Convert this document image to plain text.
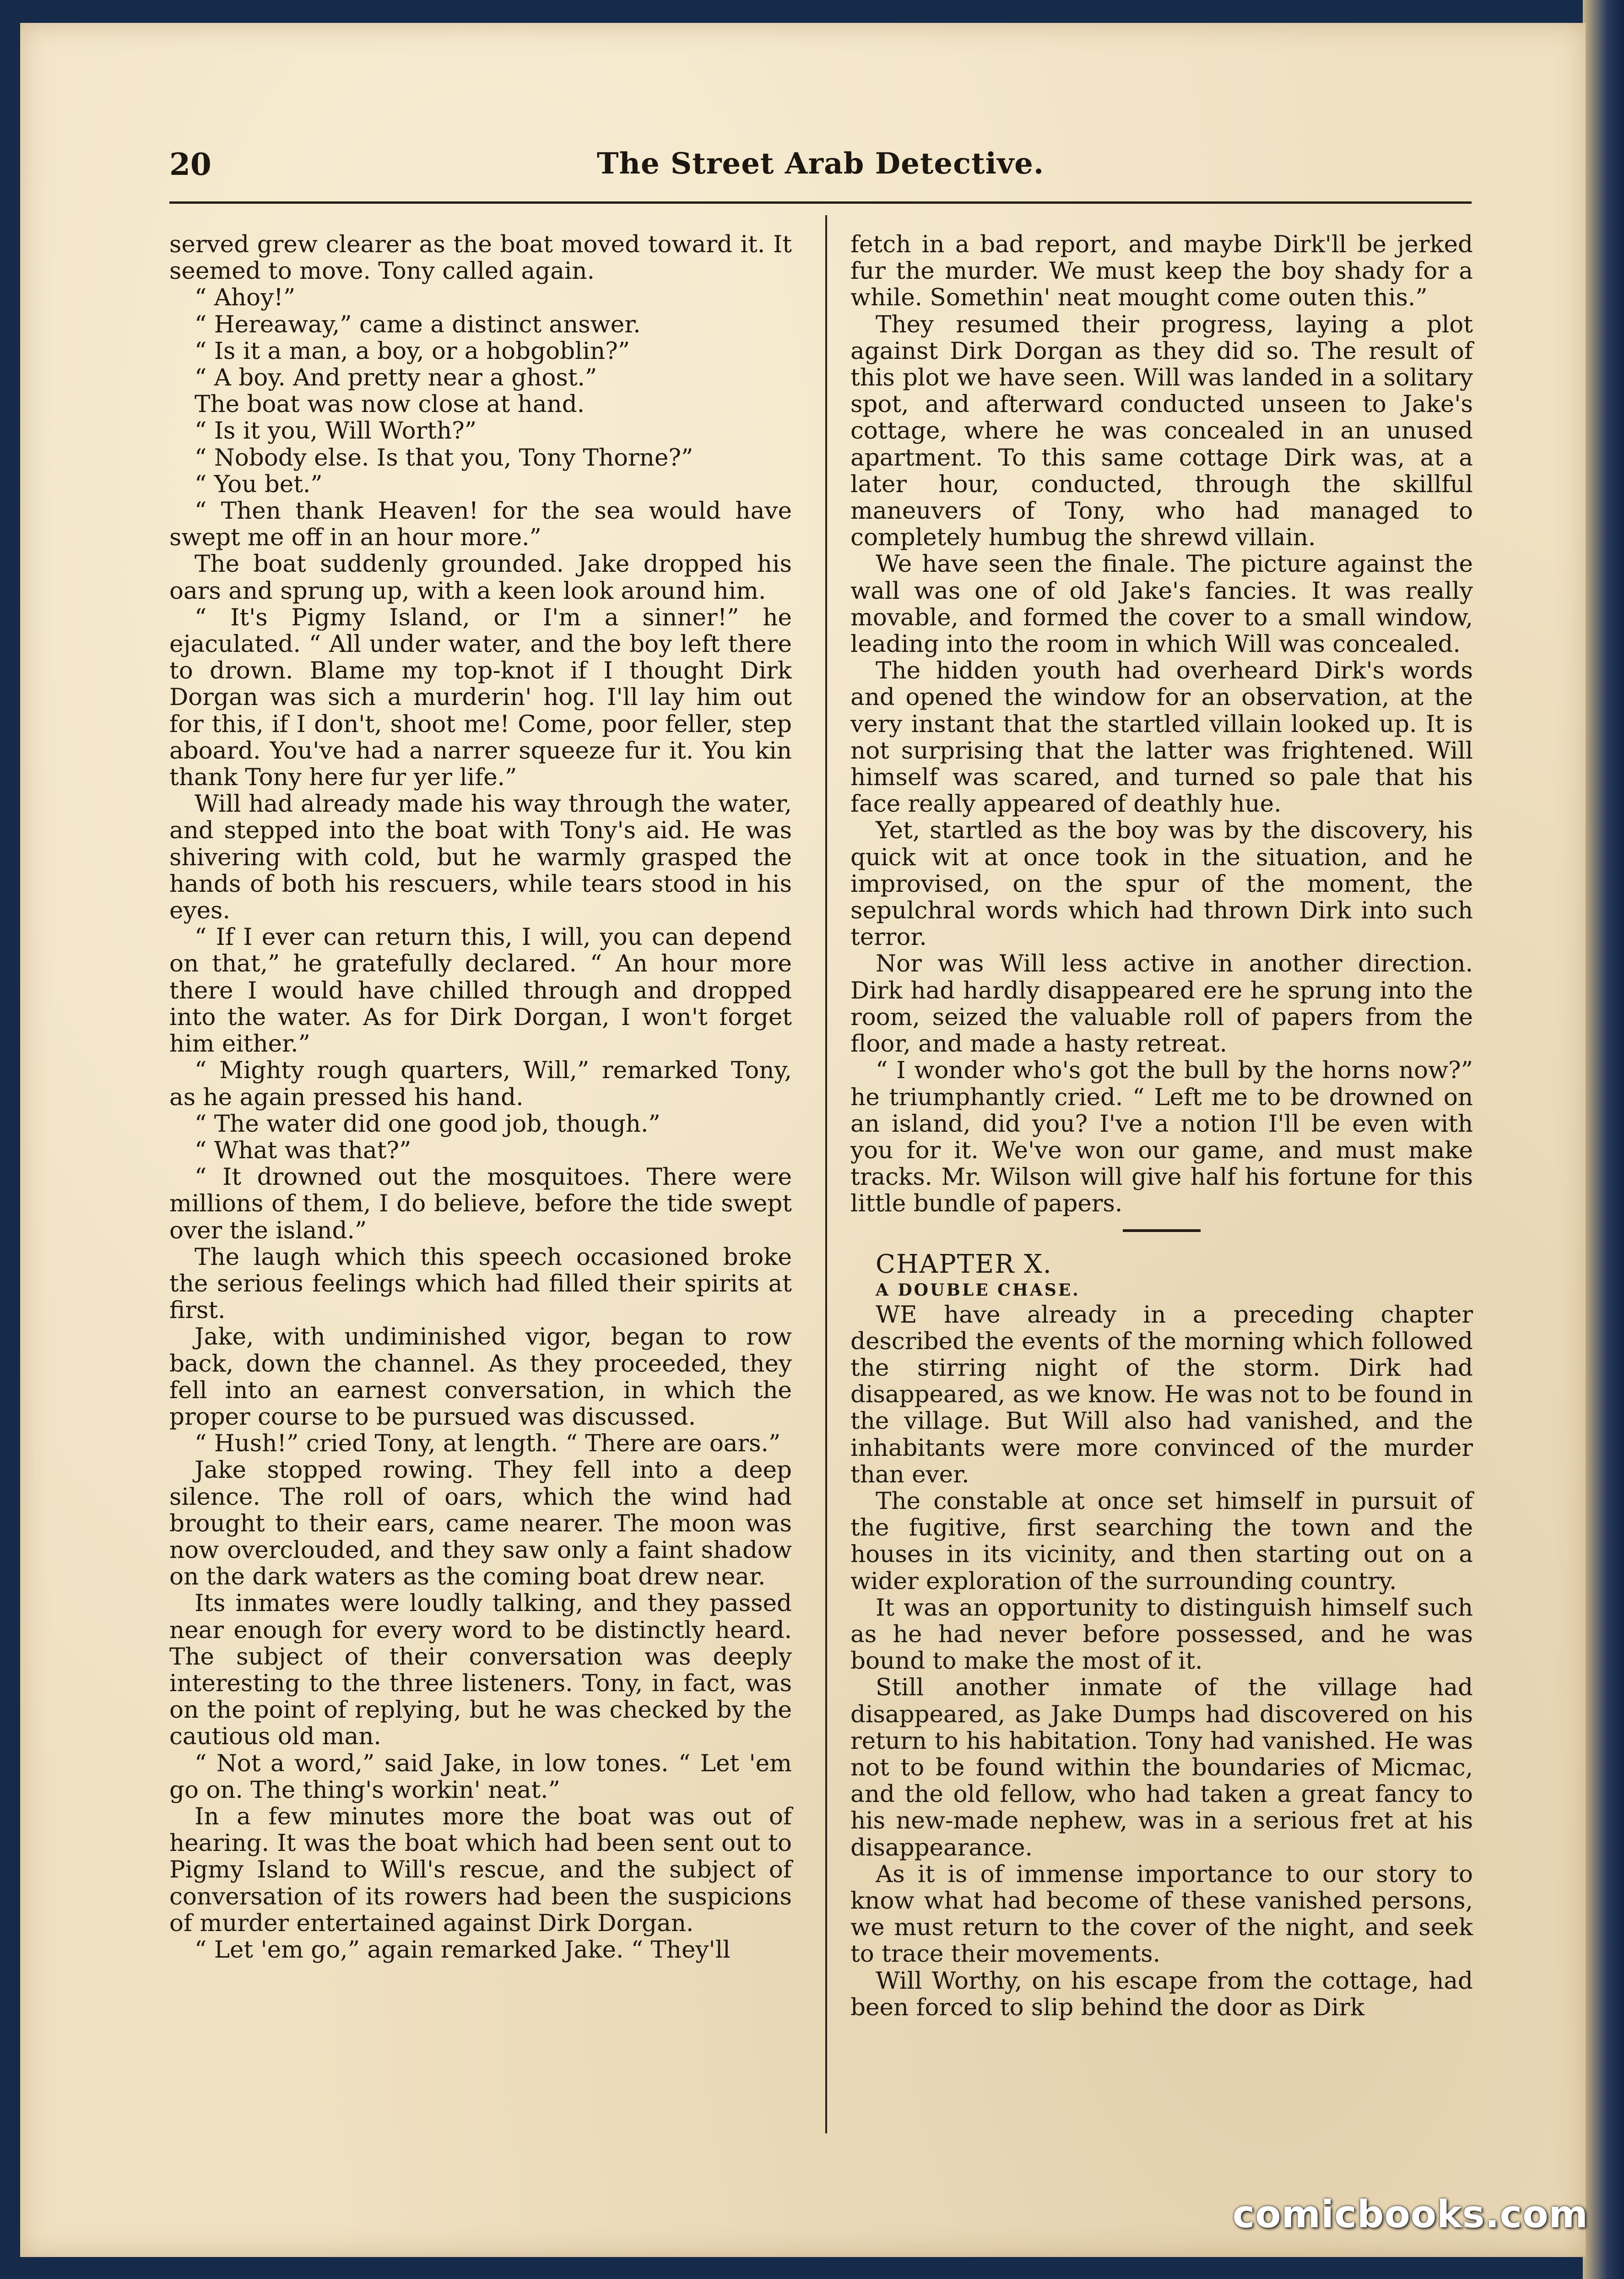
20	The Street Arab Detective.

served grew clearer as the boat moved toward it. It seemed to move. Tony called again.

“ Ahoy!”

“ Hereaway,” came a distinct answer.

“ Is it a man, a boy, or a hobgoblin?”

“ A boy. And pretty near a ghost.”

The boat was now close at hand.

“ Is it you, Will Worth?”

“ Nobody else. Is that you, Tony Thorne?”

“ You bet.”

“ Then thank Heaven! for the sea would have swept me off in an hour more.”

The boat suddenly grounded. Jake dropped his oars and sprung up, with a keen look around him.

“ It's Pigmy Island, or I'm a sinner!” he ejaculated. “ All under water, and the boy left there to drown. Blame my top-knot if I thought Dirk Dorgan was sich a murderin' hog. I'll lay him out for this, if I don't, shoot me! Come, poor feller, step aboard. You've had a narrer squeeze fur it. You kin thank Tony here fur yer life.”

Will had already made his way through the water, and stepped into the boat with Tony's aid. He was shivering with cold, but he warmly grasped the hands of both his rescuers, while tears stood in his eyes.

“ If I ever can return this, I will, you can depend on that,” he gratefully declared. “ An hour more there I would have chilled through and dropped into the water. As for Dirk Dorgan, I won't forget him either.”

“ Mighty rough quarters, Will,” remarked Tony, as he again pressed his hand.

“ The water did one good job, though.”

“ What was that?”

“ It drowned out the mosquitoes. There were millions of them, I do believe, before the tide swept over the island.”

The laugh which this speech occasioned broke the serious feelings which had filled their spirits at first.

Jake, with undiminished vigor, began to row back, down the channel. As they proceeded, they fell into an earnest conversation, in which the proper course to be pursued was discussed.

“ Hush!” cried Tony, at length. “ There are oars.”

Jake stopped rowing. They fell into a deep silence. The roll of oars, which the wind had brought to their ears, came nearer. The moon was now overclouded, and they saw only a faint shadow on the dark waters as the coming boat drew near.

Its inmates were loudly talking, and they passed near enough for every word to be distinctly heard. The subject of their conversation was deeply interesting to the three listeners. Tony, in fact, was on the point of replying, but he was checked by the cautious old man.

“ Not a word,” said Jake, in low tones. “ Let 'em go on. The thing's workin' neat.”

In a few minutes more the boat was out of hearing. It was the boat which had been sent out to Pigmy Island to Will's rescue, and the subject of conversation of its rowers had been the suspicions of murder entertained against Dirk Dorgan.

“ Let 'em go,” again remarked Jake. “ They'll

fetch in a bad report, and maybe Dirk'll be jerked fur the murder. We must keep the boy shady for a while. Somethin' neat mought come outen this.”

They resumed their progress, laying a plot against Dirk Dorgan as they did so. The result of this plot we have seen. Will was landed in a solitary spot, and afterward conducted unseen to Jake's cottage, where he was concealed in an unused apartment. To this same cottage Dirk was, at a later hour, conducted, through the skillful maneuvers of Tony, who had managed to completely humbug the shrewd villain.

We have seen the finale. The picture against the wall was one of old Jake's fancies. It was really movable, and formed the cover to a small window, leading into the room in which Will was concealed.

The hidden youth had overheard Dirk's words and opened the window for an observation, at the very instant that the startled villain looked up. It is not surprising that the latter was frightened. Will himself was scared, and turned so pale that his face really appeared of deathly hue.

Yet, startled as the boy was by the discovery, his quick wit at once took in the situation, and he improvised, on the spur of the moment, the sepulchral words which had thrown Dirk into such terror.

Nor was Will less active in another direction. Dirk had hardly disappeared ere he sprung into the room, seized the valuable roll of papers from the floor, and made a hasty retreat.

“ I wonder who's got the bull by the horns now?” he triumphantly cried. “ Left me to be drowned on an island, did you? I've a notion I'll be even with you for it. We've won our game, and must make tracks. Mr. Wilson will give half his fortune for this little bundle of papers.

CHAPTER X.

A DOUBLE CHASE.

WE have already in a preceding chapter described the events of the morning which followed the stirring night of the storm. Dirk had disappeared, as we know. He was not to be found in the village. But Will also had vanished, and the inhabitants were more convinced of the murder than ever.

The constable at once set himself in pursuit of the fugitive, first searching the town and the houses in its vicinity, and then starting out on a wider exploration of the surrounding country.

It was an opportunity to distinguish himself such as he had never before possessed, and he was bound to make the most of it.

Still another inmate of the village had disappeared, as Jake Dumps had discovered on his return to his habitation. Tony had vanished. He was not to be found within the boundaries of Micmac, and the old fellow, who had taken a great fancy to his new-made nephew, was in a serious fret at his disappearance.

As it is of immense importance to our story to know what had become of these vanished persons, we must return to the cover of the night, and seek to trace their movements.

Will Worthy, on his escape from the cottage, had been forced to slip behind the door as Dirk

comicbooks.com
